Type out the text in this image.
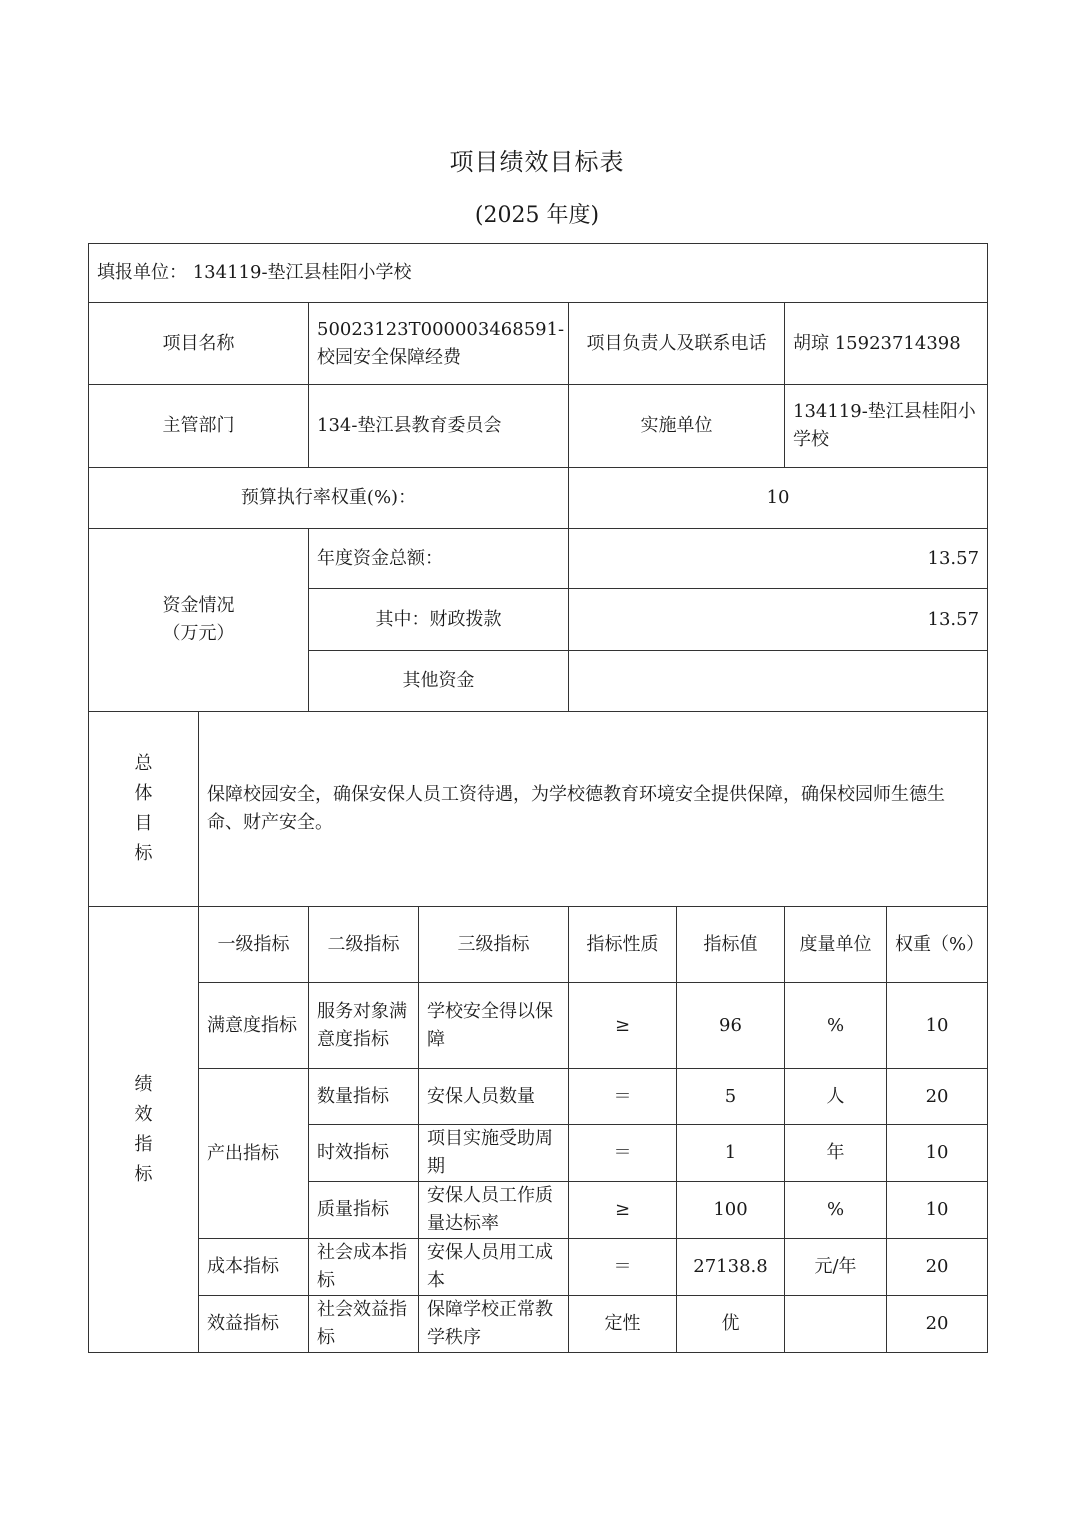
项目绩效目标表
(2025 年度)
填报单位： 134119-垫江县桂阳小学校							
项目名称		50023123T000003468591-校园安全保障经费		项目负责人及联系电话		胡琼 15923714398	
主管部门		134-垫江县教育委员会		实施单位		134119-垫江县桂阳小学校	
预算执行率权重(%)：				10			

资金情况
（万元）		年度资金总额：		13.57			
		其中：财政拨款		13.57			
		其他资金					

总
体
目
标	保障校园安全，确保安保人员工资待遇，为学校德教育环境安全提供保障，确保校园师生德生命、财产安全。						

绩
效
指
标	一级指标	二级指标	三级指标	指标性质	指标值	度量单位	权重（%）
	满意度指标	服务对象满意度指标	学校安全得以保障	≥	96	%	10
	产出指标	数量指标	安保人员数量	＝	5	人	20
		时效指标	项目实施受助周期	＝	1	年	10
		质量指标	安保人员工作质量达标率	≥	100	%	10
	成本指标	社会成本指标	安保人员用工成本	＝	27138.8	元/年	20
	效益指标	社会效益指标	保障学校正常教学秩序	定性	优		20
